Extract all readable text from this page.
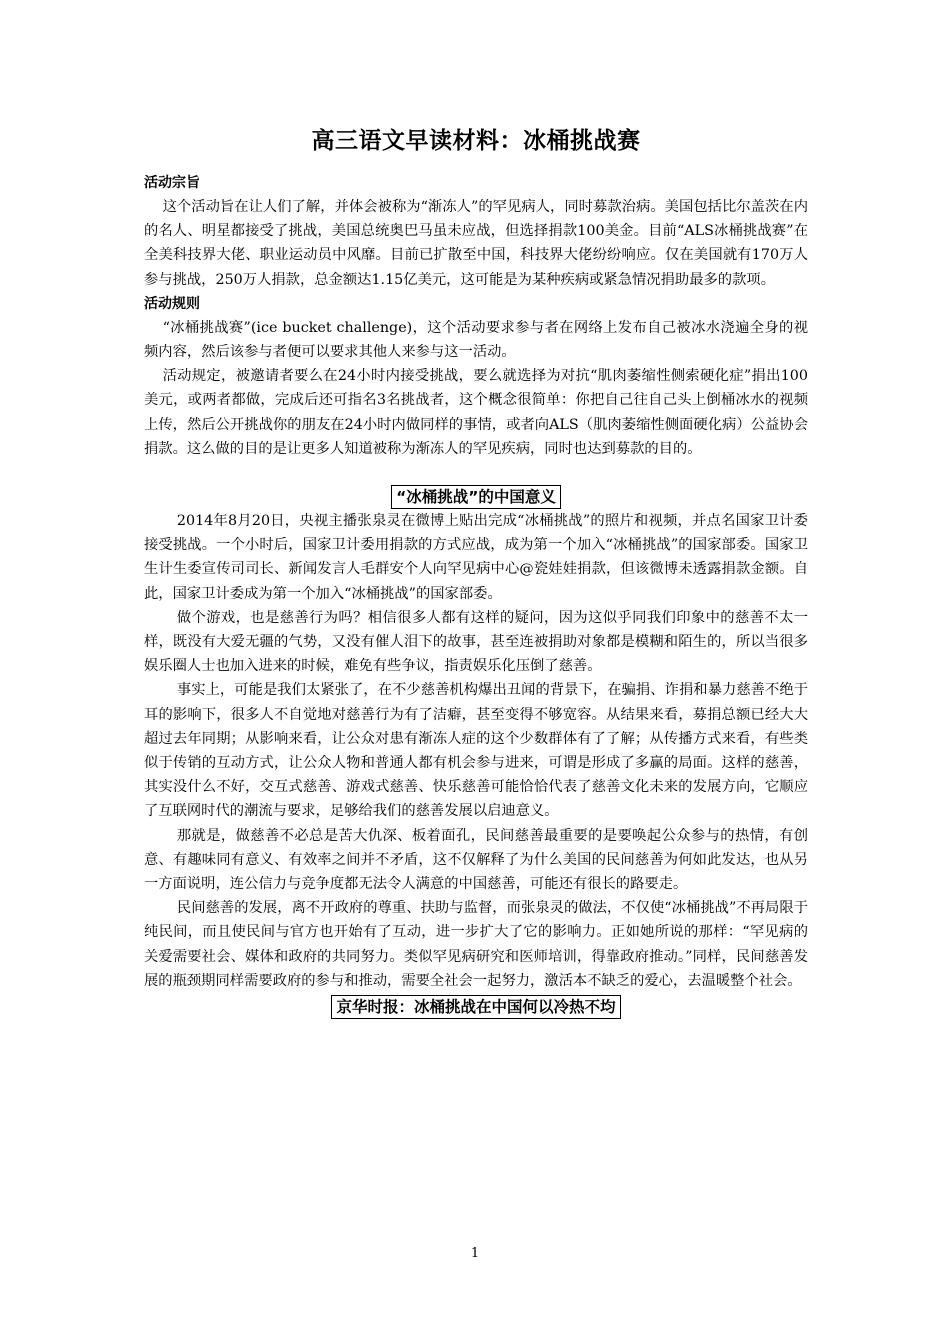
高三语文早读材料：冰桶挑战赛
活动宗旨

这个活动旨在让人们了解，并体会被称为“渐冻人”的罕见病人，同时募款治病。美国包括比尔盖茨在内的名人、明星都接受了挑战，美国总统奥巴马虽未应战，但选择捐款100美金。目前“ALS冰桶挑战赛”在全美科技界大佬、职业运动员中风靡。目前已扩散至中国，科技界大佬纷纷响应。仅在美国就有170万人参与挑战，250万人捐款，总金额达1.15亿美元，这可能是为某种疾病或紧急情况捐助最多的款项。

活动规则

“冰桶挑战赛”(ice bucket challenge)，这个活动要求参与者在网络上发布自己被冰水浇遍全身的视频内容，然后该参与者便可以要求其他人来参与这一活动。

活动规定，被邀请者要么在24小时内接受挑战，要么就选择为对抗“肌肉萎缩性侧索硬化症”捐出100美元，或两者都做，完成后还可指名3名挑战者，这个概念很简单：你把自己往自己头上倒桶冰水的视频上传，然后公开挑战你的朋友在24小时内做同样的事情，或者向ALS（肌肉萎缩性侧面硬化病）公益协会捐款。这么做的目的是让更多人知道被称为渐冻人的罕见疾病，同时也达到募款的目的。

“冰桶挑战”的中国意义

2014年8月20日，央视主播张泉灵在微博上贴出完成“冰桶挑战”的照片和视频，并点名国家卫计委接受挑战。一个小时后，国家卫计委用捐款的方式应战，成为第一个加入“冰桶挑战”的国家部委。国家卫生计生委宣传司司长、新闻发言人毛群安个人向罕见病中心@瓷娃娃捐款，但该微博未透露捐款金额。自此，国家卫计委成为第一个加入“冰桶挑战”的国家部委。

做个游戏，也是慈善行为吗？相信很多人都有这样的疑问，因为这似乎同我们印象中的慈善不太一样，既没有大爱无疆的气势，又没有催人泪下的故事，甚至连被捐助对象都是模糊和陌生的，所以当很多娱乐圈人士也加入进来的时候，难免有些争议，指责娱乐化压倒了慈善。

事实上，可能是我们太紧张了，在不少慈善机构爆出丑闻的背景下，在骗捐、诈捐和暴力慈善不绝于耳的影响下，很多人不自觉地对慈善行为有了洁癖，甚至变得不够宽容。从结果来看，募捐总额已经大大超过去年同期；从影响来看，让公众对患有渐冻人症的这个少数群体有了了解；从传播方式来看，有些类似于传销的互动方式，让公众人物和普通人都有机会参与进来，可谓是形成了多赢的局面。这样的慈善，其实没什么不好，交互式慈善、游戏式慈善、快乐慈善可能恰恰代表了慈善文化未来的发展方向，它顺应了互联网时代的潮流与要求，足够给我们的慈善发展以启迪意义。

那就是，做慈善不必总是苦大仇深、板着面孔，民间慈善最重要的是要唤起公众参与的热情，有创意、有趣味同有意义、有效率之间并不矛盾，这不仅解释了为什么美国的民间慈善为何如此发达，也从另一方面说明，连公信力与竞争度都无法令人满意的中国慈善，可能还有很长的路要走。

民间慈善的发展，离不开政府的尊重、扶助与监督，而张泉灵的做法，不仅使“冰桶挑战”不再局限于纯民间，而且使民间与官方也开始有了互动，进一步扩大了它的影响力。正如她所说的那样：“罕见病的关爱需要社会、媒体和政府的共同努力。类似罕见病研究和医师培训，得靠政府推动。”同样，民间慈善发展的瓶颈期同样需要政府的参与和推动，需要全社会一起努力，激活本不缺乏的爱心，去温暖整个社会。

京华时报：冰桶挑战在中国何以冷热不均
1
